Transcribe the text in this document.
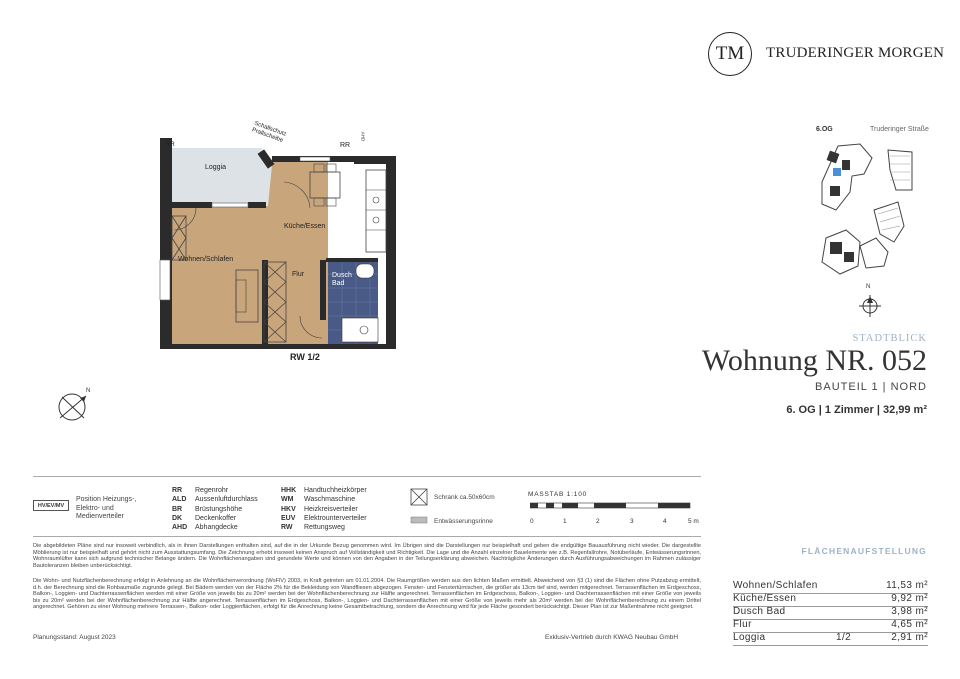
TM TRUDERINGER MORGEN
6.OG	Truderinger Straße
N
Loggia
Küche/Essen
Wohnen/Schlafen
Flur	Dusch
Bad
Schallschutz
Prallscheibe
RR
RR
AHD
RW 1/2
N
STADTBLICK
Wohnung NR. 052
BAUTEIL 1 | NORD
6. OG | 1 Zimmer | 32,99 m²
HV/EV/MV
Position Heizungs-, Elektro- und Medienverteiler
RR Regenrohr
ALD Aussenluftdurchlass
BR Brüstungshöhe
DK Deckenkoffer
AHD Abhangdecke
HHK Handtuchheizkörper
WM Waschmaschine
HKV Heizkreisverteiler
EUV Elektrounterverteiler
RW Rettungsweg
Schrank ca.50x60cm
Entwässerungsrinne
MASSTAB 1:100
0	1	2	3	4	5 m
Die abgebildeten Pläne sind nur insoweit verbindlich, als in ihnen Darstellungen enthalten sind, auf die in der Urkunde Bezug genommen wird. Im Übrigen sind die Darstellungen nur beispielhaft und geben die endgültige Bauausführung nicht wieder. Die dargestellte Möblierung ist nur beispielhaft und gehört nicht zum Ausstattungsumfang. Die Zeichnung erhebt insoweit keinen Anspruch auf Vollständigkeit und Richtigkeit. Die Lage und die Anzahl einzelner Bauelemente wie z.B. Regenfallrohre, Notüberläufe, Entwässerungsrinnen, Wohnraumlüfter kann sich aufgrund technischer Belange ändern. Die Wohnflächenangaben sind gerundete Werte und können von den Angaben in der Teilungserklärung abweichen. Nachträgliche Änderungen durch Ausführungsabweichungen im Rahmen zulässiger Bautoleranzen bleiben unberücksichtigt.
Die Wohn- und Nutzflächenberechnung erfolgt in Anlehnung an die Wohnflächenverordnung (WoFlV) 2003, in Kraft getreten am 01.01.2004. Die Raumgrößen werden aus den lichten Maßen ermittelt. Abweichend von §3 (1) sind die Flächen ohne Putzabzug ermittelt, d.h. der Berechnung sind die Rohbaumaße zugrunde gelegt. Bei Bädern werden von der Fläche 2% für die Bekleidung von Wandfliesen abgezogen. Fenster- und Fenstertürnischen, die größer als 13cm tief sind, werden mitgerechnet. Terrassenflächen im Erdgeschoss, Balkon-, Loggien- und Dachterrassenflächen werden mit einer Größe von jeweils bis zu 20m² werden bei der Wohnflächenberechnung zur Hälfte angerechnet. Terrassenflächen im Erdgeschoss, Balkon-, Loggien- und Dachterrassenflächen mit einer Größe von jeweils bis zu 20m² werden bei der Wohnflächenberechnung zur Hälfte angerechnet. Terrassenflächen im Erdgeschoss, Balkon-, Loggien- und Dachterrassenflächen mit einer Größe von jeweils mehr als 20m² werden bei der Wohnflächenberechnung zu einem Drittel angerechnet. Gehören zu einer Wohnung mehrere Terrassen-, Balkon- oder Loggienflächen, erfolgt für die Anrechnung keine Gesamtbetrachtung, sondern die Anrechnung wird für jede Fläche gesondert berücksichtigt. Dieser Plan ist zur Maßentnahme nicht geeignet.
Planungsstand: August 2023	Exklusiv-Vertrieb durch KWAG Neubau GmbH
FLÄCHENAUFSTELLUNG
Wohnen/Schlafen	11,53 m²
Küche/Essen	9,92 m²
Dusch Bad	3,98 m²
Flur	4,65 m²
Loggia	1/2	2,91 m²
